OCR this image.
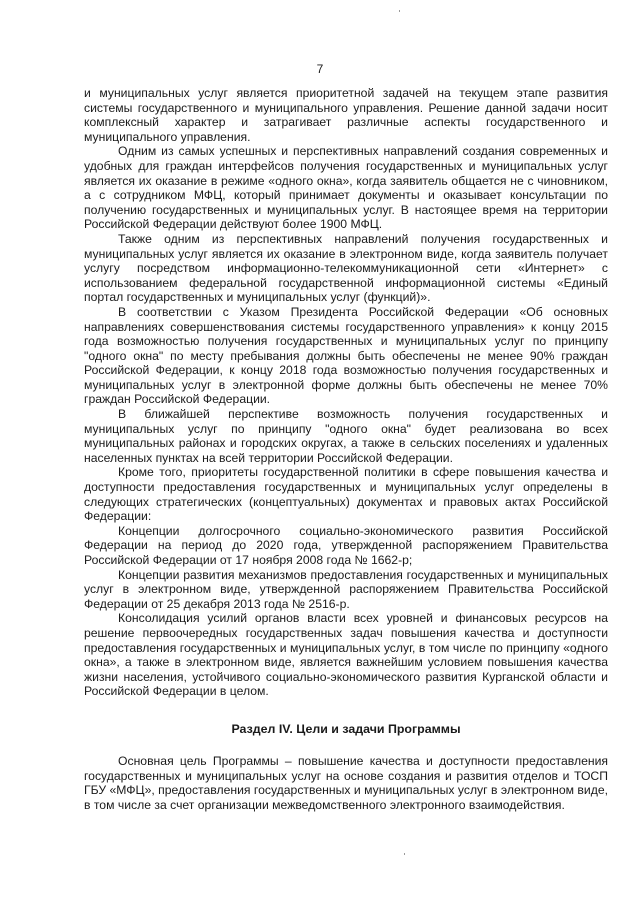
7

и муниципальных услуг является приоритетной задачей на текущем этапе развития системы государственного и муниципального управления. Решение данной задачи носит комплексный характер и затрагивает различные аспекты государственного и муниципального управления.

Одним из самых успешных и перспективных направлений создания современных и удобных для граждан интерфейсов получения государственных и муниципальных услуг является их оказание в режиме «одного окна», когда заявитель общается не с чиновником, а с сотрудником МФЦ, который принимает документы и оказывает консультации по получению государственных и муниципальных услуг. В настоящее время на территории Российской Федерации действуют более 1900 МФЦ.

Также одним из перспективных направлений получения государственных и муниципальных услуг является их оказание в электронном виде, когда заявитель получает услугу посредством информационно-телекоммуникационной сети «Интернет» с использованием федеральной государственной информационной системы «Единый портал государственных и муниципальных услуг (функций)».

В соответствии с Указом Президента Российской Федерации «Об основных направлениях совершенствования системы государственного управления» к концу 2015 года возможностью получения государственных и муниципальных услуг по принципу "одного окна" по месту пребывания должны быть обеспечены не менее 90% граждан Российской Федерации, к концу 2018 года возможностью получения государственных и муниципальных услуг в электронной форме должны быть обеспечены не менее 70% граждан Российской Федерации.

В ближайшей перспективе возможность получения государственных и муниципальных услуг по принципу "одного окна" будет реализована во всех муниципальных районах и городских округах, а также в сельских поселениях и удаленных населенных пунктах на всей территории Российской Федерации.

Кроме того, приоритеты государственной политики в сфере повышения качества и доступности предоставления государственных и муниципальных услуг определены в следующих стратегических (концептуальных) документах и правовых актах Российской Федерации:

Концепции долгосрочного социально-экономического развития Российской Федерации на период до 2020 года, утвержденной распоряжением Правительства Российской Федерации от 17 ноября 2008 года № 1662-р;

Концепции развития механизмов предоставления государственных и муниципальных услуг в электронном виде, утвержденной распоряжением Правительства Российской Федерации от 25 декабря 2013 года № 2516-р.

Консолидация усилий органов власти всех уровней и финансовых ресурсов на решение первоочередных государственных задач повышения качества и доступности предоставления государственных и муниципальных услуг, в том числе по принципу «одного окна», а также в электронном виде, является важнейшим условием повышения качества жизни населения, устойчивого социально-экономического развития Курганской области и Российской Федерации в целом.

Раздел IV. Цели и задачи Программы

Основная цель Программы – повышение качества и доступности предоставления государственных и муниципальных услуг на основе создания и развития отделов и ТОСП ГБУ «МФЦ», предоставления государственных и муниципальных услуг в электронном виде, в том числе за счет организации межведомственного электронного взаимодействия.
